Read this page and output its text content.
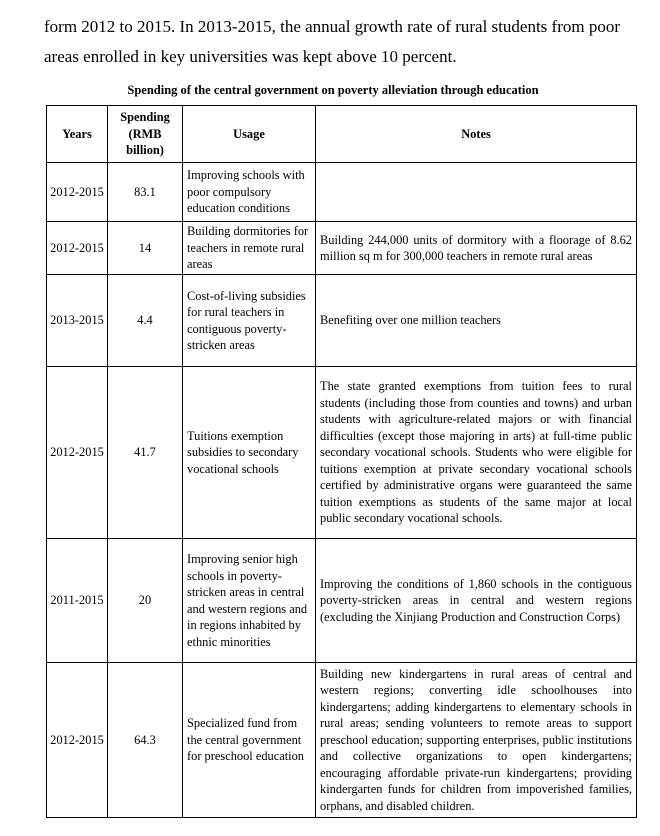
form 2012 to 2015. In 2013-2015, the annual growth rate of rural students from poor areas enrolled in key universities was kept above 10 percent.

Spending of the central government on poverty alleviation through education
Years	Spending (RMB billion)	Usage	Notes
2012-2015	83.1	Improving schools with poor compulsory education conditions	
2012-2015	14	Building dormitories for teachers in remote rural areas	Building 244,000 units of dormitory with a floorage of 8.62 million sq m for 300,000 teachers in remote rural areas
2013-2015	4.4	Cost-of-living subsidies for rural teachers in contiguous poverty-stricken areas	Benefiting over one million teachers
2012-2015	41.7	Tuitions exemption subsidies to secondary vocational schools	The state granted exemptions from tuition fees to rural students (including those from counties and towns) and urban students with agriculture-related majors or with financial difficulties (except those majoring in arts) at full-time public secondary vocational schools. Students who were eligible for tuitions exemption at private secondary vocational schools certified by administrative organs were guaranteed the same tuition exemptions as students of the same major at local public secondary vocational schools.
2011-2015	20	Improving senior high schools in poverty-stricken areas in central and western regions and in regions inhabited by ethnic minorities	Improving the conditions of 1,860 schools in the contiguous poverty-stricken areas in central and western regions (excluding the Xinjiang Production and Construction Corps)
2012-2015	64.3	Specialized fund from the central government for preschool education	Building new kindergartens in rural areas of central and western regions; converting idle schoolhouses into kindergartens; adding kindergartens to elementary schools in rural areas; sending volunteers to remote areas to support preschool education; supporting enterprises, public institutions and collective organizations to open kindergartens; encouraging affordable private-run kindergartens; providing kindergarten funds for children from impoverished families, orphans, and disabled children.
